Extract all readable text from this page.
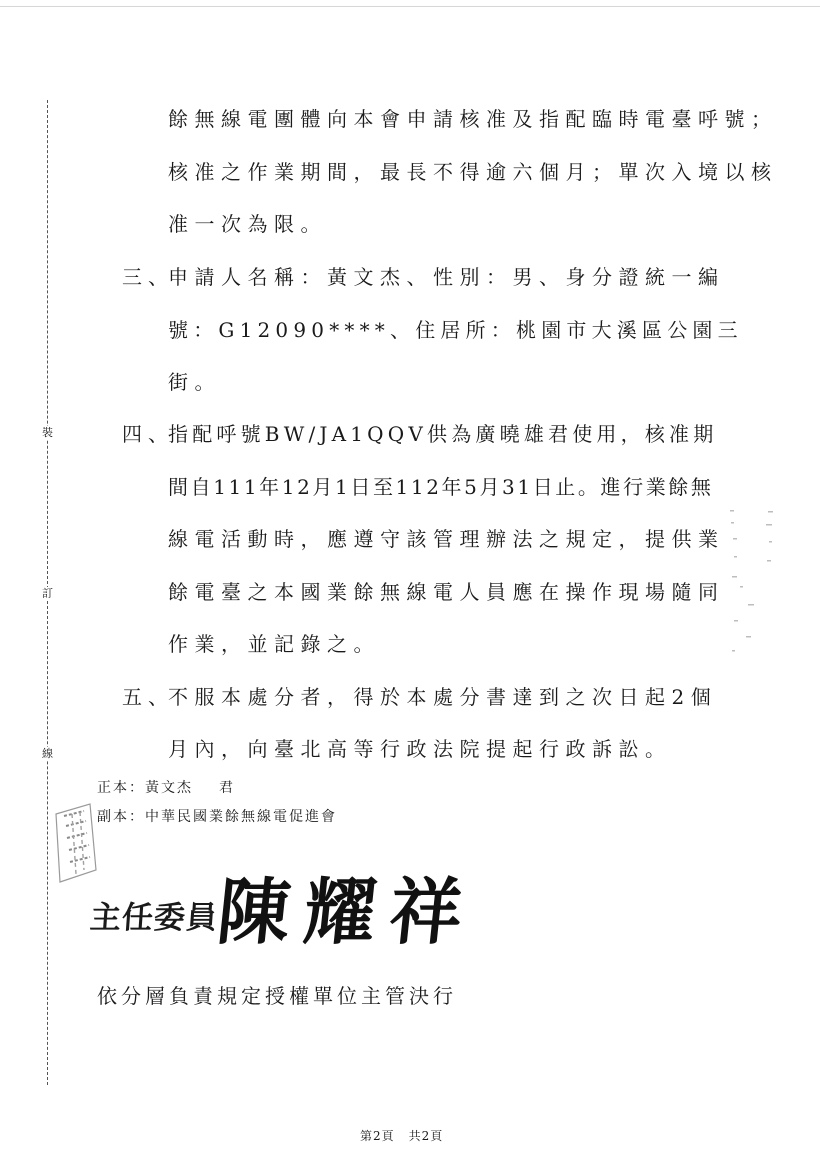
裝
訂
線
餘無線電團體向本會申請核准及指配臨時電臺呼號；
核准之作業期間，最長不得逾六個月；單次入境以核
准一次為限。
三、
申請人名稱：黃文杰、性別：男、身分證統一編
號：G12090****、住居所：桃園市大溪區公園三
街。
四、
指配呼號BW/JA1QQV供為廣曉雄君使用，核准期
間自111年12月1日至112年5月31日止。進行業餘無
線電活動時，應遵守該管理辦法之規定，提供業
餘電臺之本國業餘無線電人員應在操作現場隨同
作業，並記錄之。
五、
不服本處分者，得於本處分書達到之次日起2個
月內，向臺北高等行政法院提起行政訴訟。
正本：黃文杰 君
副本：中華民國業餘無線電促進會
主任委員
陳耀祥
依分層負責規定授權單位主管決行
第2頁 共2頁
